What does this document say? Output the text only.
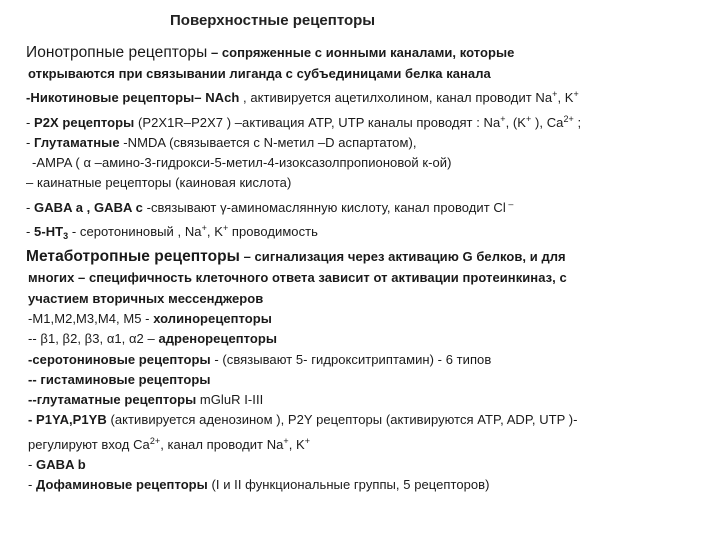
Поверхностные рецепторы
Ионотропные рецепторы – сопряженные с ионными каналами, которые
открываются при связывании лиганда с субъединицами белка канала
-Никотиновые рецепторы– NAch , активируется ацетилхолином, канал проводит Na+, K+
- P2X рецепторы (P2X1R–P2X7 ) –активация ATP, UTP каналы проводят : Na+, (K+ ), $Ca^{2+}$ ;
- Глутаматные -NMDA (связывается с N-метил –D аспартатом),
-AMPA ( α –амино-3-гидрокси-5-метил-4-изоксазолпропионовой к-ой)
– каинатные рецепторы (каиновая кислота)
- GABA a , GABA c -связывают γ-аминомаслянную кислоту, канал проводит Cl –
- $5-HT_3$ - серотониновый , Na+, K+ проводимость
Метаботропные рецепторы – сигнализация через активацию G белков, и для
многих – специфичность клеточного ответа зависит от активации протеинкиназ, с
участием вторичных мессенджеров
-M1,M2,M3,M4, M5 - холинорецепторы
-- β1, β2, β3, α1, α2 – адренорецепторы
-серотониновые рецепторы - (связывают 5- гидрокситриптамин) - 6 типов
-- гистаминовые рецепторы
--глутаматные рецепторы mGluR I-III
- P1YA,P1YB (активируется аденозином ), P2Y рецепторы (активируются ATP, ADP, UTP )-
регулируют вход $Ca^{2+}$, канал проводит Na+, K+
- GABA b
- Дофаминовые рецепторы (I и II функциональные группы, 5 рецепторов)
